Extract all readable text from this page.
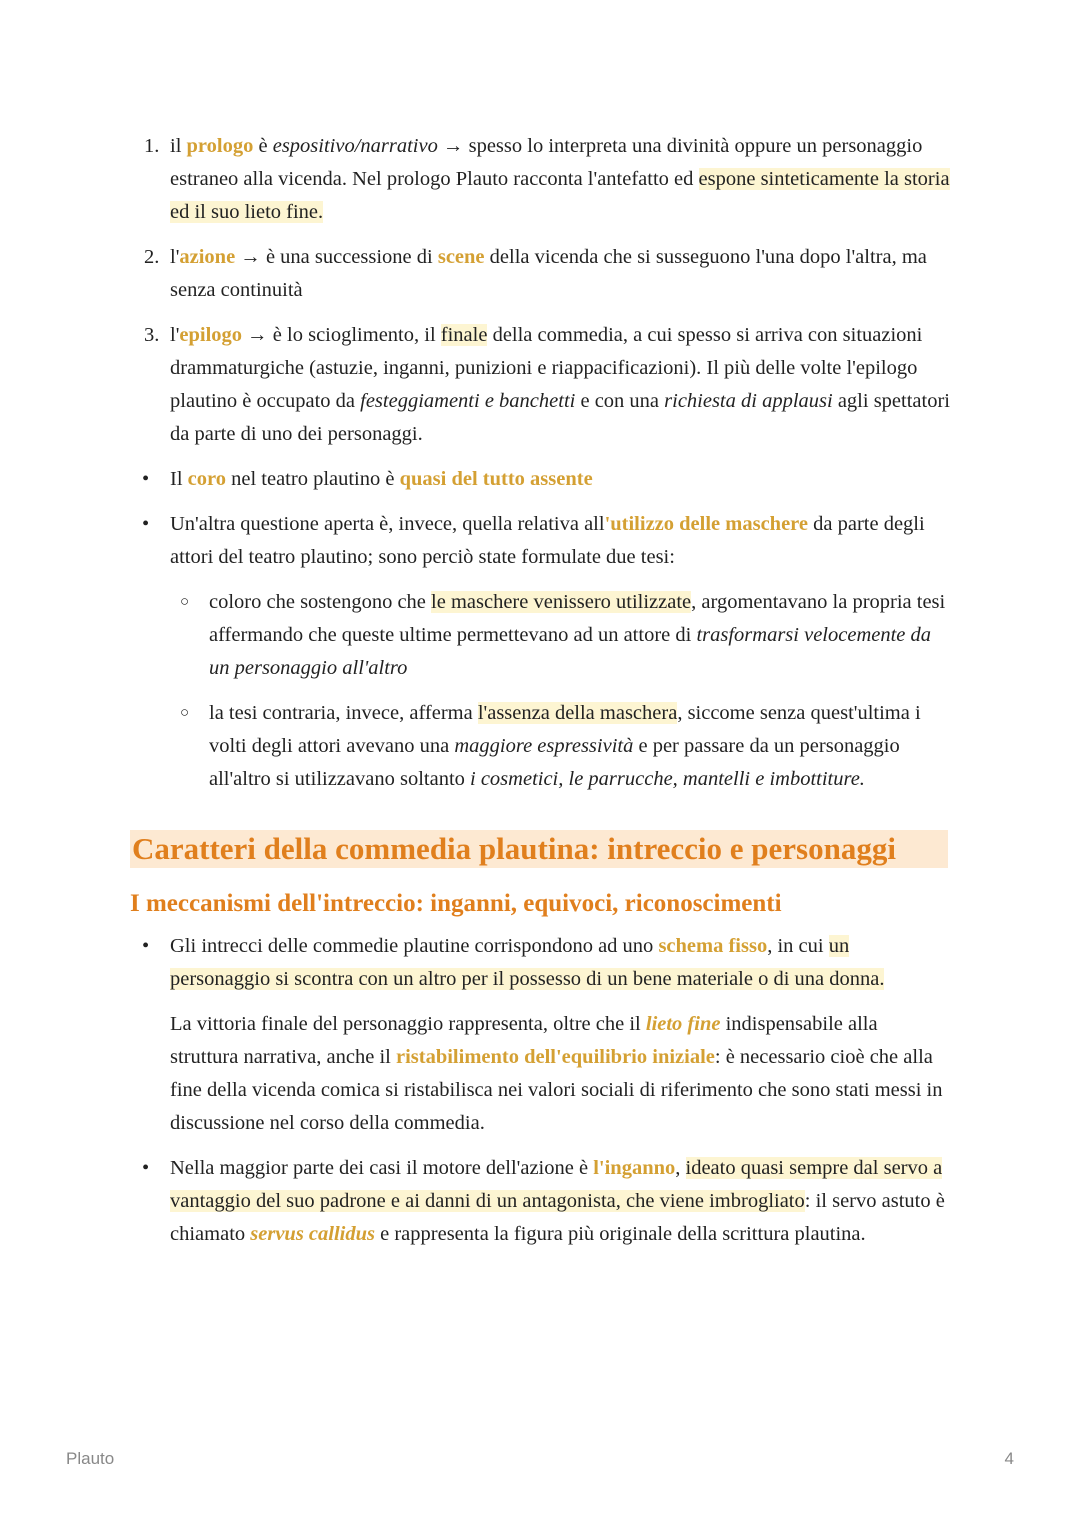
1. il prologo è espositivo/narrativo → spesso lo interpreta una divinità oppure un personaggio estraneo alla vicenda. Nel prologo Plauto racconta l'antefatto ed espone sinteticamente la storia ed il suo lieto fine.
2. l'azione → è una successione di scene della vicenda che si susseguono l'una dopo l'altra, ma senza continuità
3. l'epilogo → è lo scioglimento, il finale della commedia, a cui spesso si arriva con situazioni drammaturgiche (astuzie, inganni, punizioni e riappacificazioni). Il più delle volte l'epilogo plautino è occupato da festeggiamenti e banchetti e con una richiesta di applausi agli spettatori da parte di uno dei personaggi.
• Il coro nel teatro plautino è quasi del tutto assente
• Un'altra questione aperta è, invece, quella relativa all'utilizzo delle maschere da parte degli attori del teatro plautino; sono perciò state formulate due tesi:
○ coloro che sostengono che le maschere venissero utilizzate, argomentavano la propria tesi affermando che queste ultime permettevano ad un attore di trasformarsi velocemente da un personaggio all'altro
○ la tesi contraria, invece, afferma l'assenza della maschera, siccome senza quest'ultima i volti degli attori avevano una maggiore espressività e per passare da un personaggio all'altro si utilizzavano soltanto i cosmetici, le parrucche, mantelli e imbottiture.
Caratteri della commedia plautina: intreccio e personaggi
I meccanismi dell'intreccio: inganni, equivoci, riconoscimenti
• Gli intrecci delle commedie plautine corrispondono ad uno schema fisso, in cui un personaggio si scontra con un altro per il possesso di un bene materiale o di una donna.
La vittoria finale del personaggio rappresenta, oltre che il lieto fine indispensabile alla struttura narrativa, anche il ristabilimento dell'equilibrio iniziale: è necessario cioè che alla fine della vicenda comica si ristabilisca nei valori sociali di riferimento che sono stati messi in discussione nel corso della commedia.
• Nella maggior parte dei casi il motore dell'azione è l'inganno, ideato quasi sempre dal servo a vantaggio del suo padrone e ai danni di un antagonista, che viene imbrogliato: il servo astuto è chiamato servus callidus e rappresenta la figura più originale della scrittura plautina.
Plauto	4
